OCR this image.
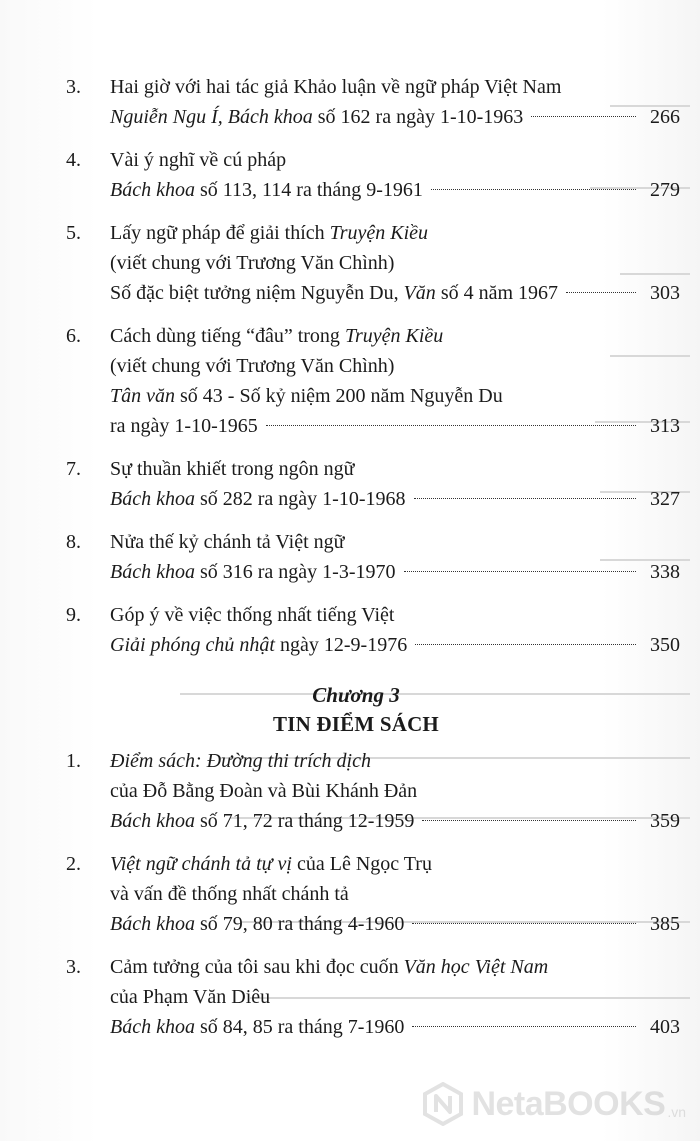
3.	Hai giờ với hai tác giả Khảo luận về ngữ pháp Việt Nam
Nguiễn Ngu Í, Bách khoa số 162 ra ngày 1-10-1963	266
4.	Vài ý nghĩ về cú pháp
Bách khoa số 113, 114 ra tháng 9-1961	279
5.	Lấy ngữ pháp để giải thích Truyện Kiều
(viết chung với Trương Văn Chình)
Số đặc biệt tưởng niệm Nguyễn Du, Văn số 4 năm 1967	303
6.	Cách dùng tiếng “đâu” trong Truyện Kiều
(viết chung với Trương Văn Chình)
Tân văn số 43 - Số kỷ niệm 200 năm Nguyễn Du
ra ngày 1-10-1965	313
7.	Sự thuần khiết trong ngôn ngữ
Bách khoa số 282 ra ngày 1-10-1968	327
8.	Nửa thế kỷ chánh tả Việt ngữ
Bách khoa số 316 ra ngày 1-3-1970	338
9.	Góp ý về việc thống nhất tiếng Việt
Giải phóng chủ nhật ngày 12-9-1976	350
Chương 3
TIN ĐIỂM SÁCH
1.	Điểm sách: Đường thi trích dịch
của Đỗ Bằng Đoàn và Bùi Khánh Đản
Bách khoa số 71, 72 ra tháng 12-1959	359
2.	Việt ngữ chánh tả tự vị của Lê Ngọc Trụ
và vấn đề thống nhất chánh tả
Bách khoa số 79, 80 ra tháng 4-1960	385
3.	Cảm tưởng của tôi sau khi đọc cuốn Văn học Việt Nam
của Phạm Văn Diêu
Bách khoa số 84, 85 ra tháng 7-1960	403
NetaBOOKS .vn
